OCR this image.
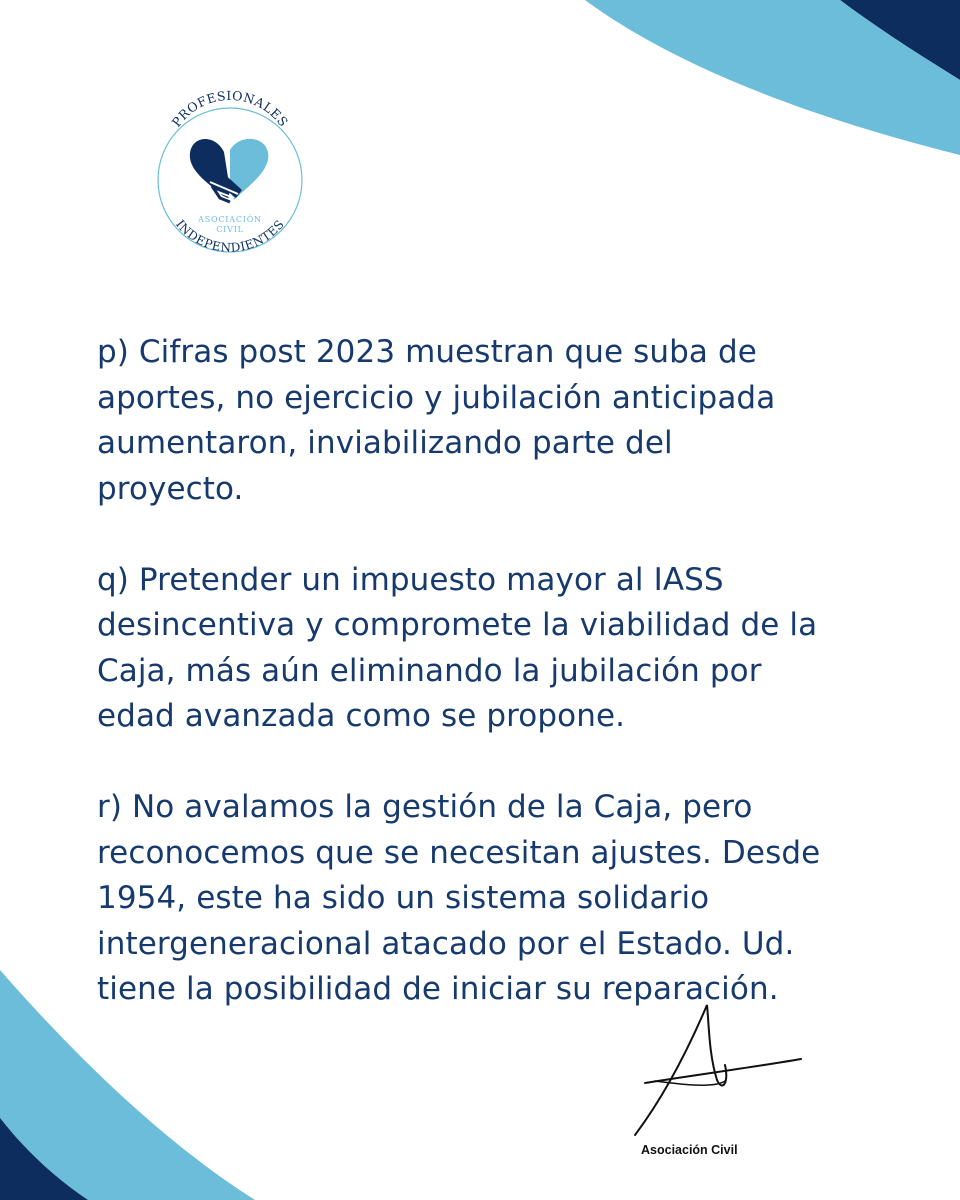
PROFESIONALES
INDEPENDIENTES
ASOCIACIÓN
CIVIL

p) Cifras post 2023 muestran que suba de
aportes, no ejercicio y jubilación anticipada
aumentaron, inviabilizando parte del
proyecto.

q) Pretender un impuesto mayor al IASS
desincentiva y compromete la viabilidad de la
Caja, más aún eliminando la jubilación por
edad avanzada como se propone.

r) No avalamos la gestión de la Caja, pero
reconocemos que se necesitan ajustes. Desde
1954, este ha sido un sistema solidario
intergeneracional atacado por el Estado. Ud.
tiene la posibilidad de iniciar su reparación.

Asociación Civil
